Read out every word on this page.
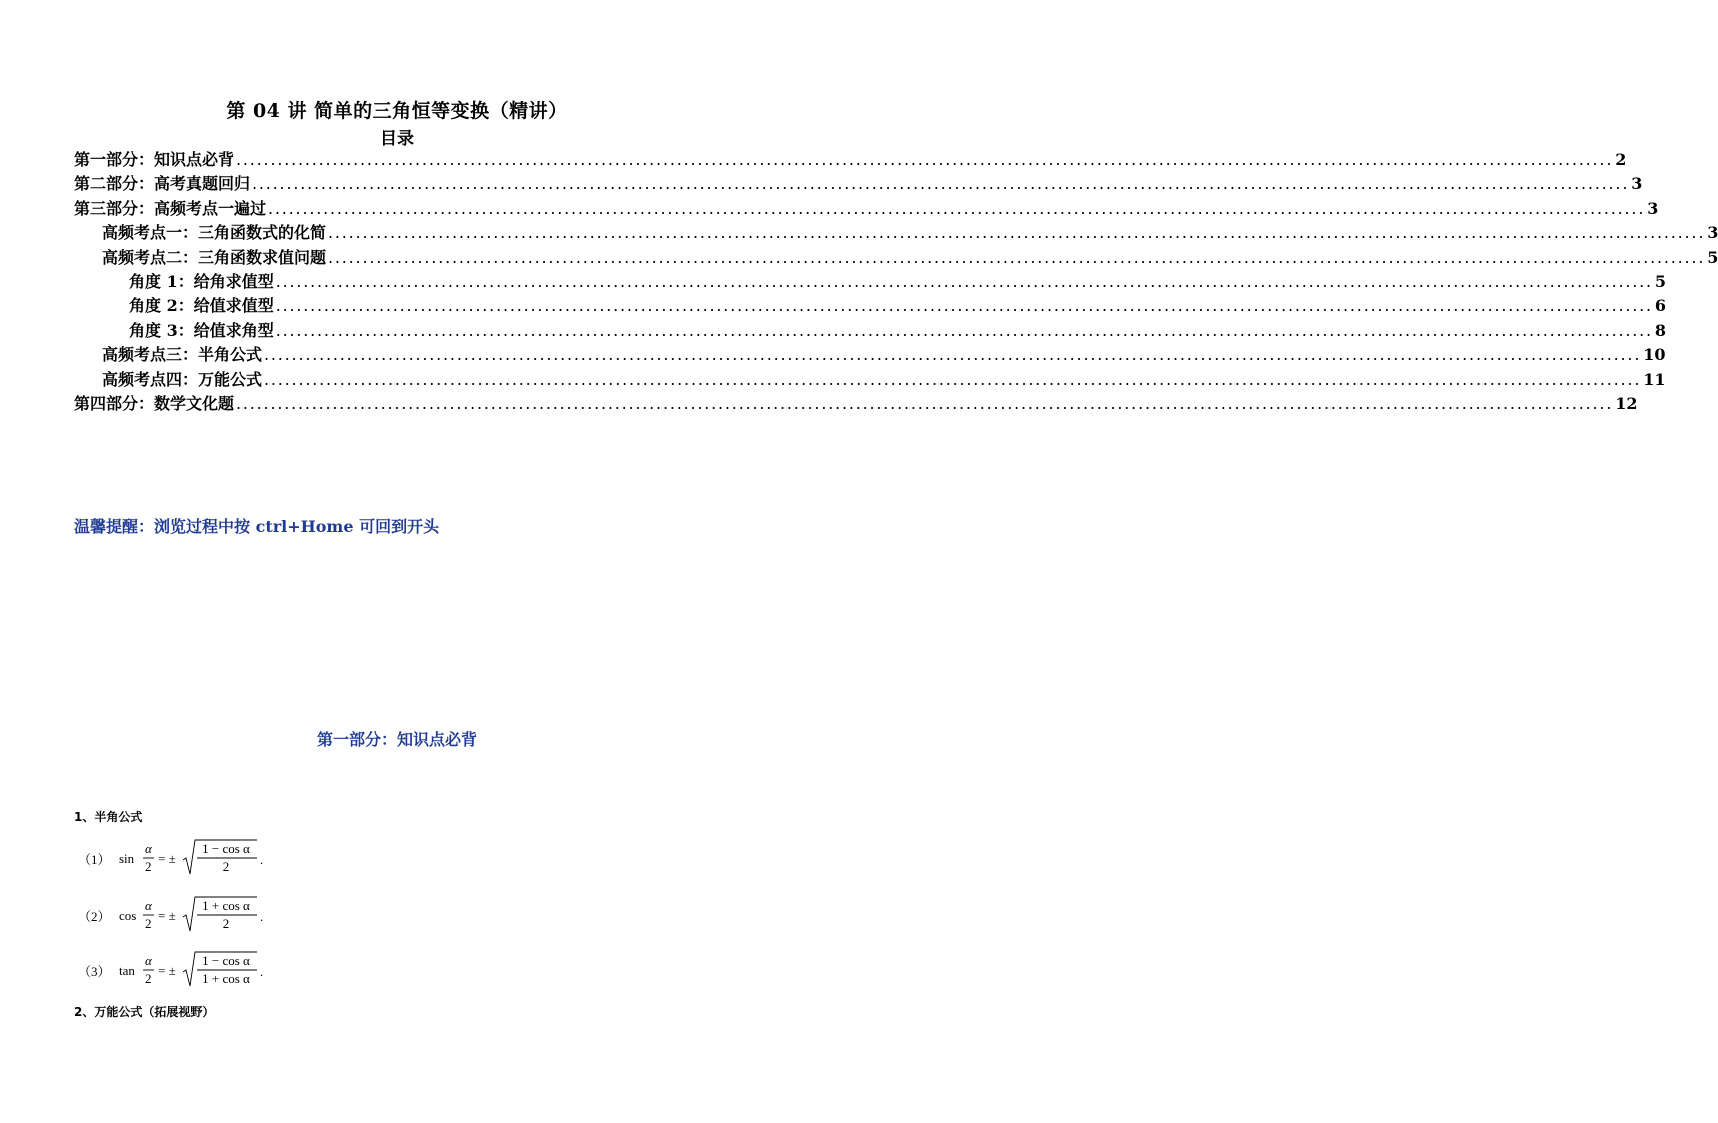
第 04 讲 简单的三角恒等变换（精讲）
目录
第一部分：知识点必背 ........................................................................................................................................................................................................ 2
第二部分：高考真题回归 ........................................................................................................................................................................................................ 3
第三部分：高频考点一遍过 ........................................................................................................................................................................................................ 3
高频考点一：三角函数式的化简 ........................................................................................................................................................................................................ 3
高频考点二：三角函数求值问题 ........................................................................................................................................................................................................ 5
角度 1：给角求值型 ........................................................................................................................................................................................................ 5
角度 2：给值求值型 ........................................................................................................................................................................................................ 6
角度 3：给值求角型 ........................................................................................................................................................................................................ 8
高频考点三：半角公式 ........................................................................................................................................................................................................ 10
高频考点四：万能公式 ........................................................................................................................................................................................................ 11
第四部分：数学文化题 ........................................................................................................................................................................................................ 12
温馨提醒：浏览过程中按 ctrl+Home 可回到开头
第一部分：知识点必背
1、半角公式
（1） sin
α
2
= ±
1 − cos α
2 .
（2） cos
α
2
= ±
1 + cos α
2 .
（3） tan
α
2
= ±
1 − cos α
1 + cos α .
2、万能公式（拓展视野）
